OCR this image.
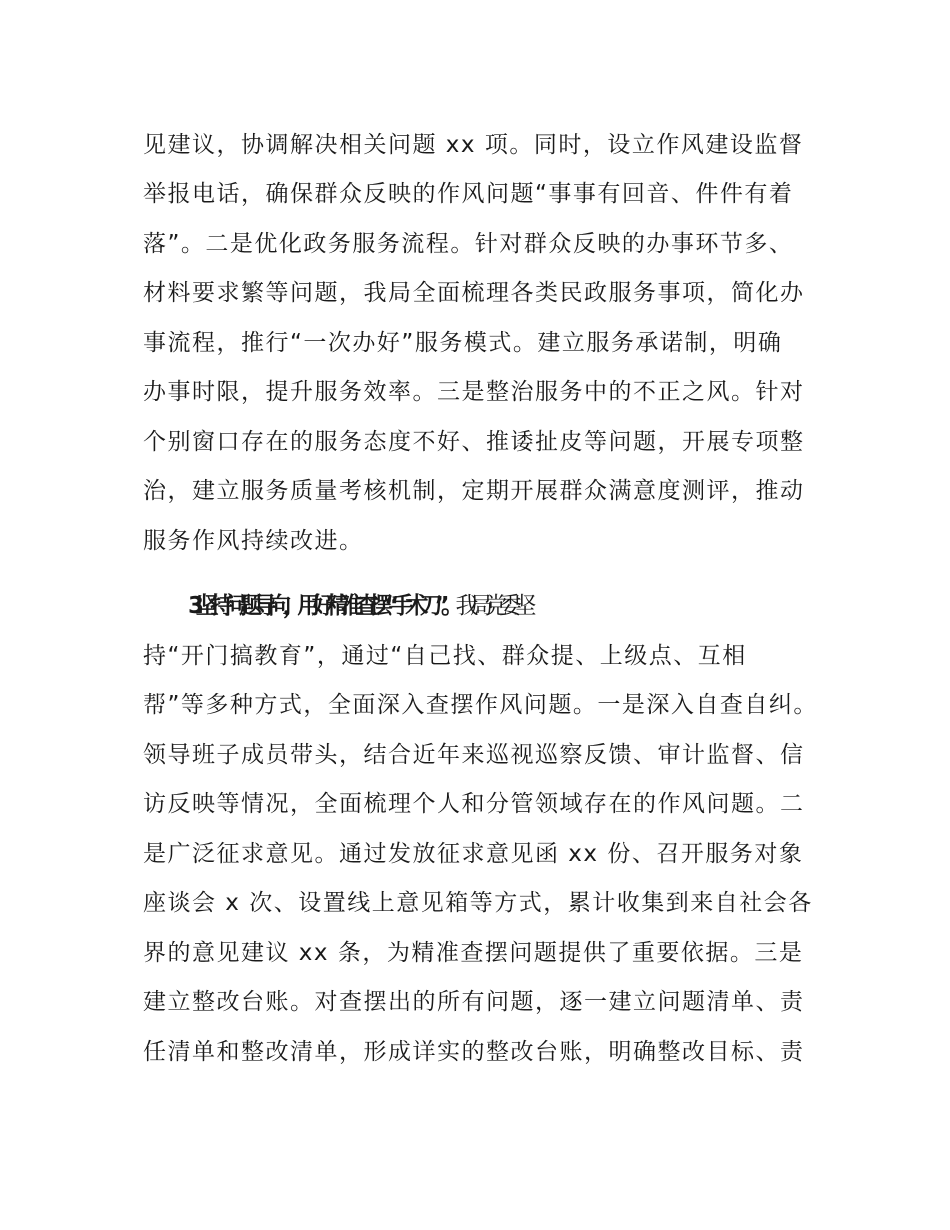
见建议，协调解决相关问题 xx 项。同时，设立作风建设监督
举报电话，确保群众反映的作风问题“事事有回音、件件有着
落”。二是优化政务服务流程。针对群众反映的办事环节多、
材料要求繁等问题，我局全面梳理各类民政服务事项，简化办
事流程，推行“一次办好”服务模式。建立服务承诺制，明确
办事时限，提升服务效率。三是整治服务中的不正之风。针对
个别窗口存在的服务态度不好、推诿扯皮等问题，开展专项整
治，建立服务质量考核机制，定期开展群众满意度测评，推动
服务作风持续改进。
3.坚持问题导向，用好精准查摆“手术刀”。我局党委坚
持“开门搞教育”，通过“自己找、群众提、上级点、互相
帮”等多种方式，全面深入查摆作风问题。一是深入自查自纠。
领导班子成员带头，结合近年来巡视巡察反馈、审计监督、信
访反映等情况，全面梳理个人和分管领域存在的作风问题。二
是广泛征求意见。通过发放征求意见函 xx 份、召开服务对象
座谈会 x 次、设置线上意见箱等方式，累计收集到来自社会各
界的意见建议 xx 条，为精准查摆问题提供了重要依据。三是
建立整改台账。对查摆出的所有问题，逐一建立问题清单、责
任清单和整改清单，形成详实的整改台账，明确整改目标、责
